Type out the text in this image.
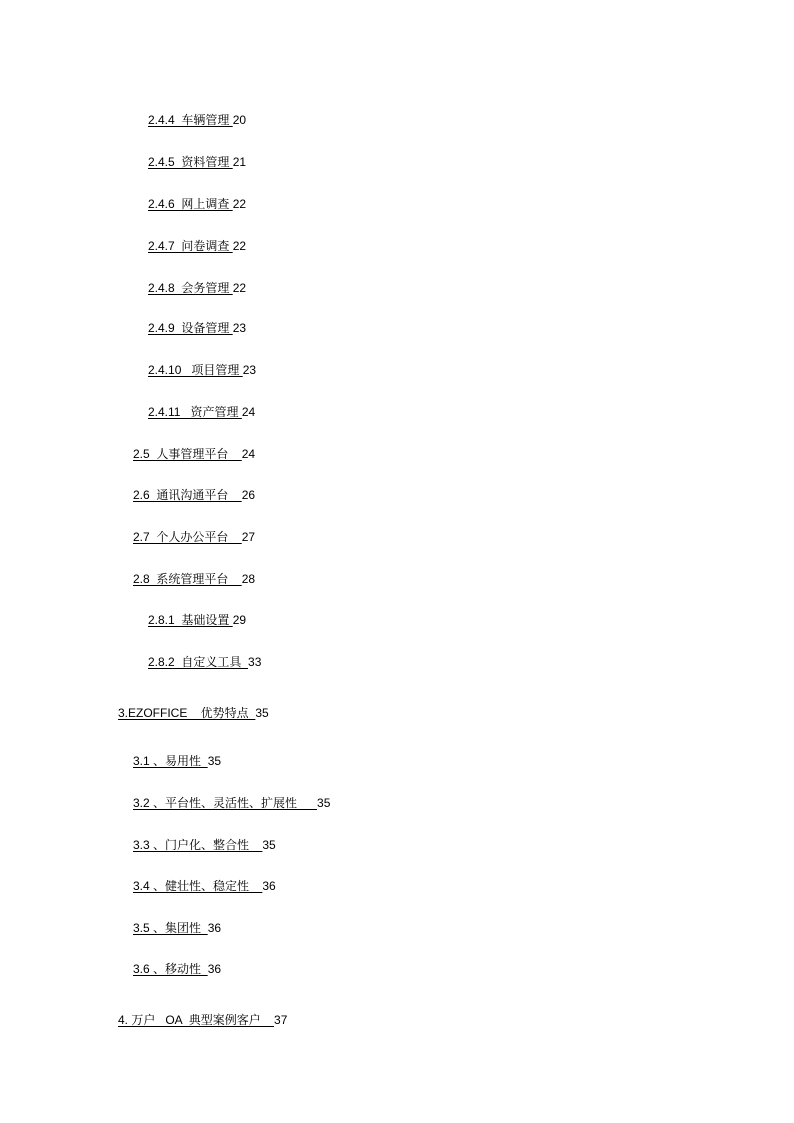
2.4.4  车辆管理 20
2.4.5  资料管理 21
2.4.6  网上调查 22
2.4.7  问卷调查 22
2.4.8  会务管理 22
2.4.9  设备管理 23
2.4.10   项目管理 23
2.4.11   资产管理 24
2.5  人事管理平台 24
2.6  通讯沟通平台 26
2.7  个人办公平台 27
2.8  系统管理平台 28
2.8.1  基础设置 29
2.8.2  自定义工具 33
3.EZOFFICE    优势特点 35
3.1 、易用性 35
3.2 、平台性、灵活性、扩展性 35
3.3 、门户化、整合性 35
3.4 、健壮性、稳定性 36
3.5 、集团性 36
3.6 、移动性 36
4. 万户   OA  典型案例客户 37
